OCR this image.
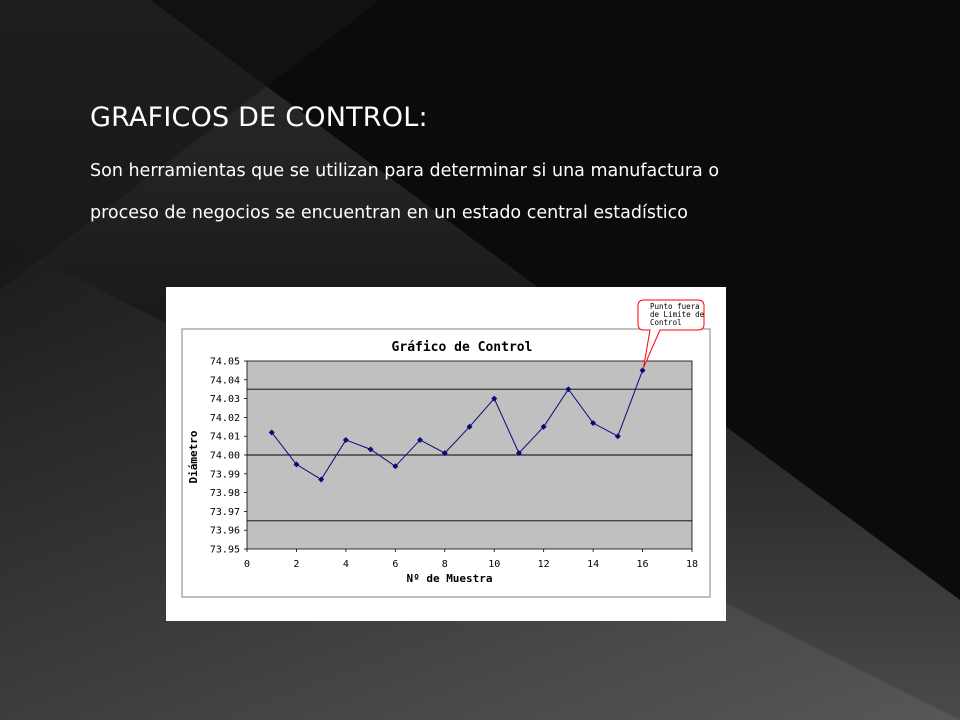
GRAFICOS DE CONTROL:
Son herramientas que se utilizan para determinar si una manufactura o
proceso de negocios se encuentran en un estado central estadístico
Gráfico de Control
74.05
74.04
74.03
74.02
74.01
74.00
73.99
73.98
73.97
73.96
73.95
0	2	4	6	8	10	12	14	16	18
Diámetro
Nº de Muestra
Punto fuera
de Limite de
Control
